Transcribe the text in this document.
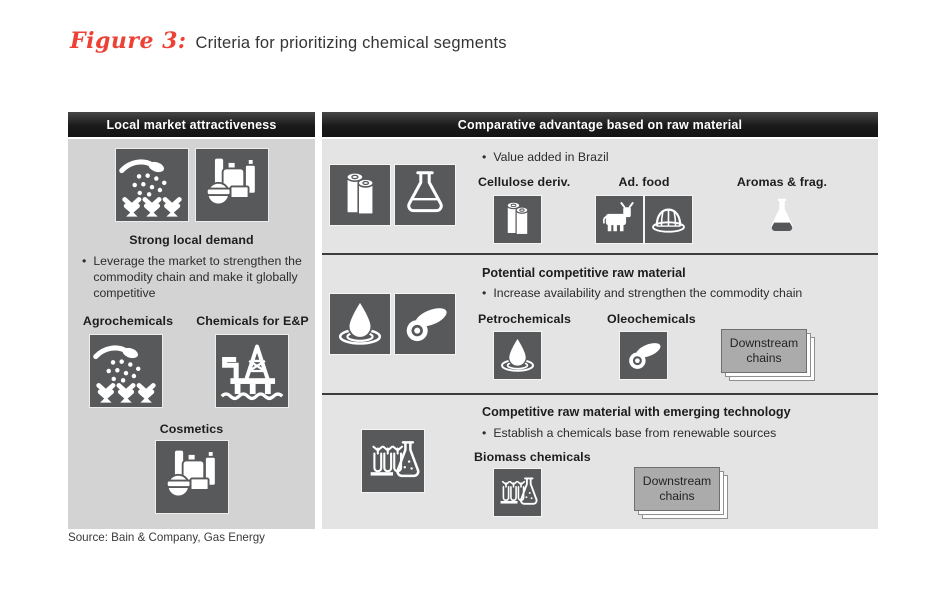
Figure 3: Criteria for prioritizing chemical segments
Local market attractiveness
Strong local demand
• Leverage the market to strengthen the commodity chain and make it globally competitive
Agrochemicals	Chemicals for E&P
Cosmetics
Comparative advantage based on raw material
• Value added in Brazil
Cellulose deriv.	Ad. food	Aromas & frag.
Potential competitive raw material
• Increase availability and strengthen the commodity chain
Petrochemicals	Oleochemicals
Downstream chains
Competitive raw material with emerging technology
• Establish a chemicals base from renewable sources
Biomass chemicals
Downstream chains
Source: Bain & Company, Gas Energy
